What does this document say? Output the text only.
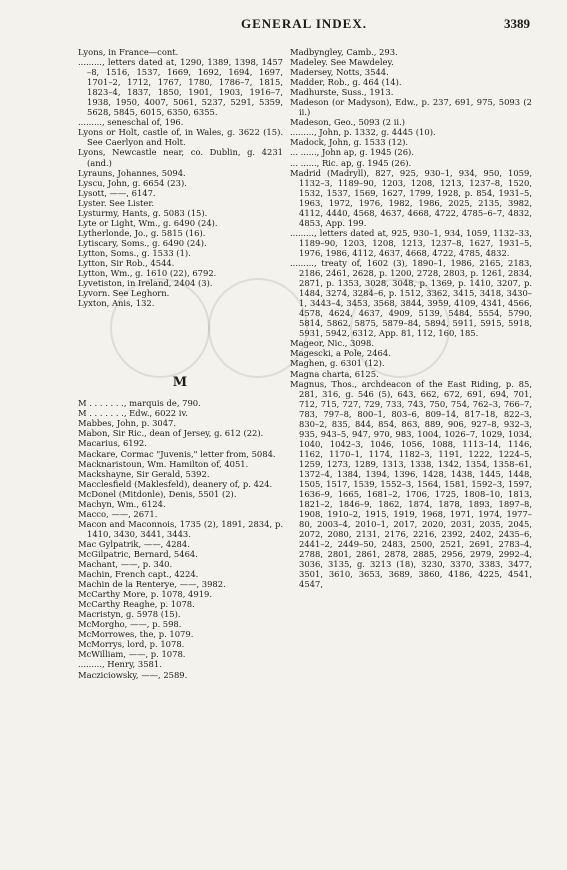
GENERAL INDEX.	3389
Lyons, in France—cont.
........., letters dated at, 1290, 1389, 1398, 1457 –8, 1516, 1537, 1669, 1692, 1694, 1697, 1701–2, 1712, 1767, 1780, 1786–7, 1815, 1823–4, 1837, 1850, 1901, 1903, 1916–7, 1938, 1950, 4007, 5061, 5237, 5291, 5359, 5628, 5845, 6015, 6350, 6355.
........., seneschal of, 196.
Lyons or Holt, castle of, in Wales, g. 3622 (15). See Caerlyon and Holt.
Lyons, Newcastle near, co. Dublin, g. 4231 (and.)
Lyrauns, Johannes, 5094.
Lyscu, John, g. 6654 (23).
Lysott, ——, 6147.
Lyster. See Lister.
Lysturmy, Hants, g. 5083 (15).
Lyte or Light, Wm., g. 6490 (24).
Lytherlonde, Jo., g. 5815 (16).
Lytiscary, Soms., g. 6490 (24).
Lytton, Soms., g. 1533 (1).
Lytton, Sir Rob., 4544.
Lytton, Wm., g. 1610 (22), 6792.
Lyvetiston, in Ireland, 2404 (3).
Lyvorn. See Leghorn.
Lyxton, Anis, 132.
M
M . . . . . . ., marquis de, 790.
M . . . . . . ., Edw., 6022 iv.
Mabbes, John, p. 3047.
Mabon, Sir Ric., dean of Jersey, g. 612 (22).
Macarius, 6192.
Mackare, Cormac "Juvenis," letter from, 5084.
Macknaristoun, Wm. Hamilton of, 4051.
Mackshayne, Sir Gerald, 5392.
Macclesfield (Maklesfeld), deanery of, p. 424.
McDonel (Mitdonle), Denis, 5501 (2).
Machyn, Wm., 6124.
Macco, ——, 2671.
Macon and Maconnois, 1735 (2), 1891, 2834, p. 1410, 3430, 3441, 3443.
Mac Gylpatrik, ——, 4284.
McGilpatric, Bernard, 5464.
Machant, ——, p. 340.
Machin, French capt., 4224.
Machin de la Renterye, ——, 3982.
McCarthy More, p. 1078, 4919.
McCarthy Reaghe, p. 1078.
Macristyn, g. 5978 (15).
McMorgho, ——, p. 598.
McMorrowes, the, p. 1079.
McMorrys, lord, p. 1078.
McWilliam, ——, p. 1078.
........., Henry, 3581.
Macziciowsky, ——, 2589.
Madbyngley, Camb., 293.
Madeley. See Mawdeley.
Madersey, Notts, 3544.
Madder, Rob., g. 464 (14).
Madhurste, Suss., 1913.
Madeson (or Madyson), Edw., p. 237, 691, 975, 5093 (2 ii.)
Madeson, Geo., 5093 (2 ii.)
........., John, p. 1332, g. 4445 (10).
Madock, John, g. 1533 (12).
... ......, John ap, g. 1945 (26).
... ......, Ric. ap, g. 1945 (26).
Madrid (Madryll), 827, 925, 930–1, 934, 950, 1059, 1132–3, 1189–90, 1203, 1208, 1213, 1237–8, 1520, 1532, 1537, 1569, 1627, 1799, 1928, p. 854, 1931–5, 1963, 1972, 1976, 1982, 1986, 2025, 2135, 3982, 4112, 4440, 4568, 4637, 4668, 4722, 4785–6–7, 4832, 4853, App. 199.
........., letters dated at, 925, 930–1, 934, 1059, 1132–33, 1189–90, 1203, 1208, 1213, 1237–8, 1627, 1931–5, 1976, 1986, 4112, 4637, 4668, 4722, 4785, 4832.
........., treaty of, 1602 (3), 1890–1, 1986, 2165, 2183, 2186, 2461, 2628, p. 1200, 2728, 2803, p. 1261, 2834, 2871, p. 1353, 3028, 3048, p. 1369, p. 1410, 3207, p. 1484, 3274, 3284–6, p. 1512, 3362, 3415, 3418, 3430–1, 3443–4, 3453, 3568, 3844, 3959, 4109, 4341, 4566, 4578, 4624, 4637, 4909, 5139, 5484, 5554, 5790, 5814, 5862, 5875, 5879–84, 5894, 5911, 5915, 5918, 5931, 5942, 6312, App. 81, 112, 160, 185.
Mageor, Nic., 3098.
Magescki, a Pole, 2464.
Maghen, g. 6301 (12).
Magna charta, 6125.
Magnus, Thos., archdeacon of the East Riding, p. 85, 281, 316, g. 546 (5), 643, 662, 672, 691, 694, 701, 712, 715, 727, 729, 733, 743, 750, 754, 762–3, 766–7, 783, 797–8, 800–1, 803–6, 809–14, 817–18, 822–3, 830–2, 835, 844, 854, 863, 889, 906, 927–8, 932–3, 935, 943–5, 947, 970, 983, 1004, 1026–7, 1029, 1034, 1040, 1042–3, 1046, 1056, 1088, 1113–14, 1146, 1162, 1170–1, 1174, 1182–3, 1191, 1222, 1224–5, 1259, 1273, 1289, 1313, 1338, 1342, 1354, 1358–61, 1372–4, 1384, 1394, 1396, 1428, 1438, 1445, 1448, 1505, 1517, 1539, 1552–3, 1564, 1581, 1592–3, 1597, 1636–9, 1665, 1681–2, 1706, 1725, 1808–10, 1813, 1821–2, 1846–9, 1862, 1874, 1878, 1893, 1897–8, 1908, 1910–2, 1915, 1919, 1968, 1971, 1974, 1977–80, 2003–4, 2010–1, 2017, 2020, 2031, 2035, 2045, 2072, 2080, 2131, 2176, 2216, 2392, 2402, 2435–6, 2441–2, 2449–50, 2483, 2500, 2521, 2691, 2783–4, 2788, 2801, 2861, 2878, 2885, 2956, 2979, 2992–4, 3036, 3135, g. 3213 (18), 3230, 3370, 3383, 3477, 3501, 3610, 3653, 3689, 3860, 4186, 4225, 4541, 4547,
